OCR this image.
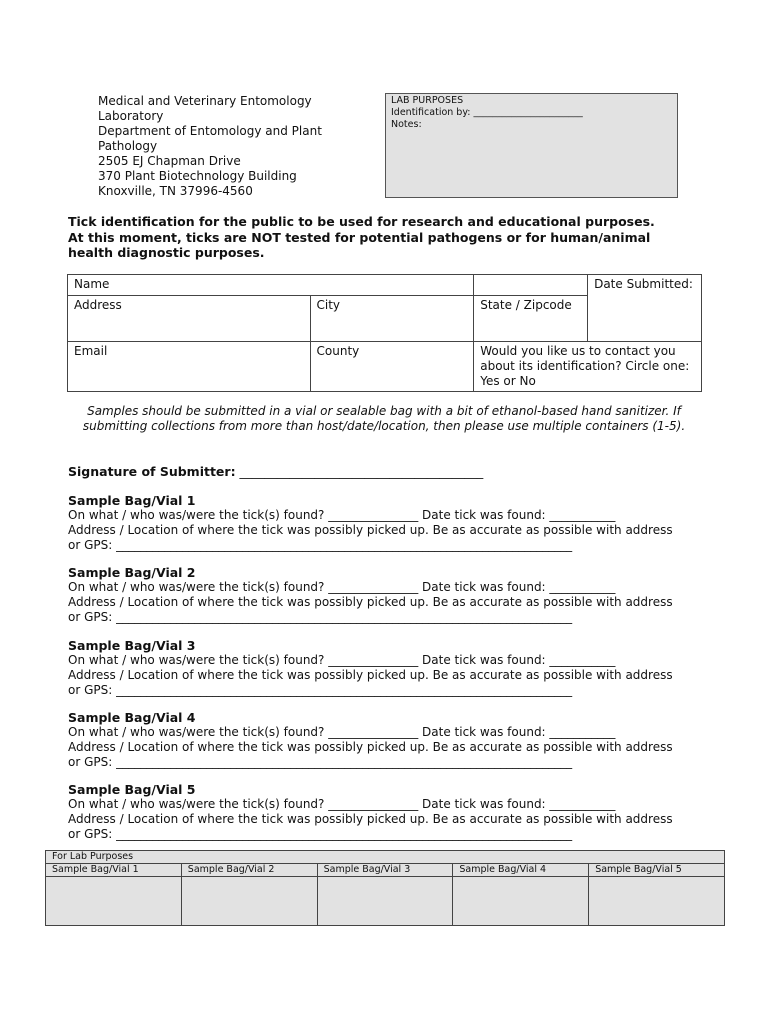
Medical and Veterinary Entomology
Laboratory
Department of Entomology and Plant
Pathology
2505 EJ Chapman Drive
370 Plant Biotechnology Building
Knoxville, TN 37996-4560
LAB PURPOSES
Identification by: _______________________
Notes:
Tick identification for the public to be used for research and educational purposes.
At this moment, ticks are NOT tested for potential pathogens or for human/animal
health diagnostic purposes.
Name			Date Submitted:
Address	City	State / Zipcode	
Email	County	Would you like us to contact you about its identification? Circle one: Yes or No	
Samples should be submitted in a vial or sealable bag with a bit of ethanol-based hand sanitizer. If submitting collections from more than host/date/location, then please use multiple containers (1-5).
Signature of Submitter: _______________________________________
Sample Bag/Vial 1
On what / who was/were the tick(s) found? _______________ Date tick was found: ___________
Address / Location of where the tick was possibly picked up. Be as accurate as possible with address
or GPS: ____________________________________________________________________________
Sample Bag/Vial 2
On what / who was/were the tick(s) found? _______________ Date tick was found: ___________
Address / Location of where the tick was possibly picked up. Be as accurate as possible with address
or GPS: ____________________________________________________________________________
Sample Bag/Vial 3
On what / who was/were the tick(s) found? _______________ Date tick was found: ___________
Address / Location of where the tick was possibly picked up. Be as accurate as possible with address
or GPS: ____________________________________________________________________________
Sample Bag/Vial 4
On what / who was/were the tick(s) found? _______________ Date tick was found: ___________
Address / Location of where the tick was possibly picked up. Be as accurate as possible with address
or GPS: ____________________________________________________________________________
Sample Bag/Vial 5
On what / who was/were the tick(s) found? _______________ Date tick was found: ___________
Address / Location of where the tick was possibly picked up. Be as accurate as possible with address
or GPS: ____________________________________________________________________________
For Lab Purposes				
Sample Bag/Vial 1	Sample Bag/Vial 2	Sample Bag/Vial 3	Sample Bag/Vial 4	Sample Bag/Vial 5
